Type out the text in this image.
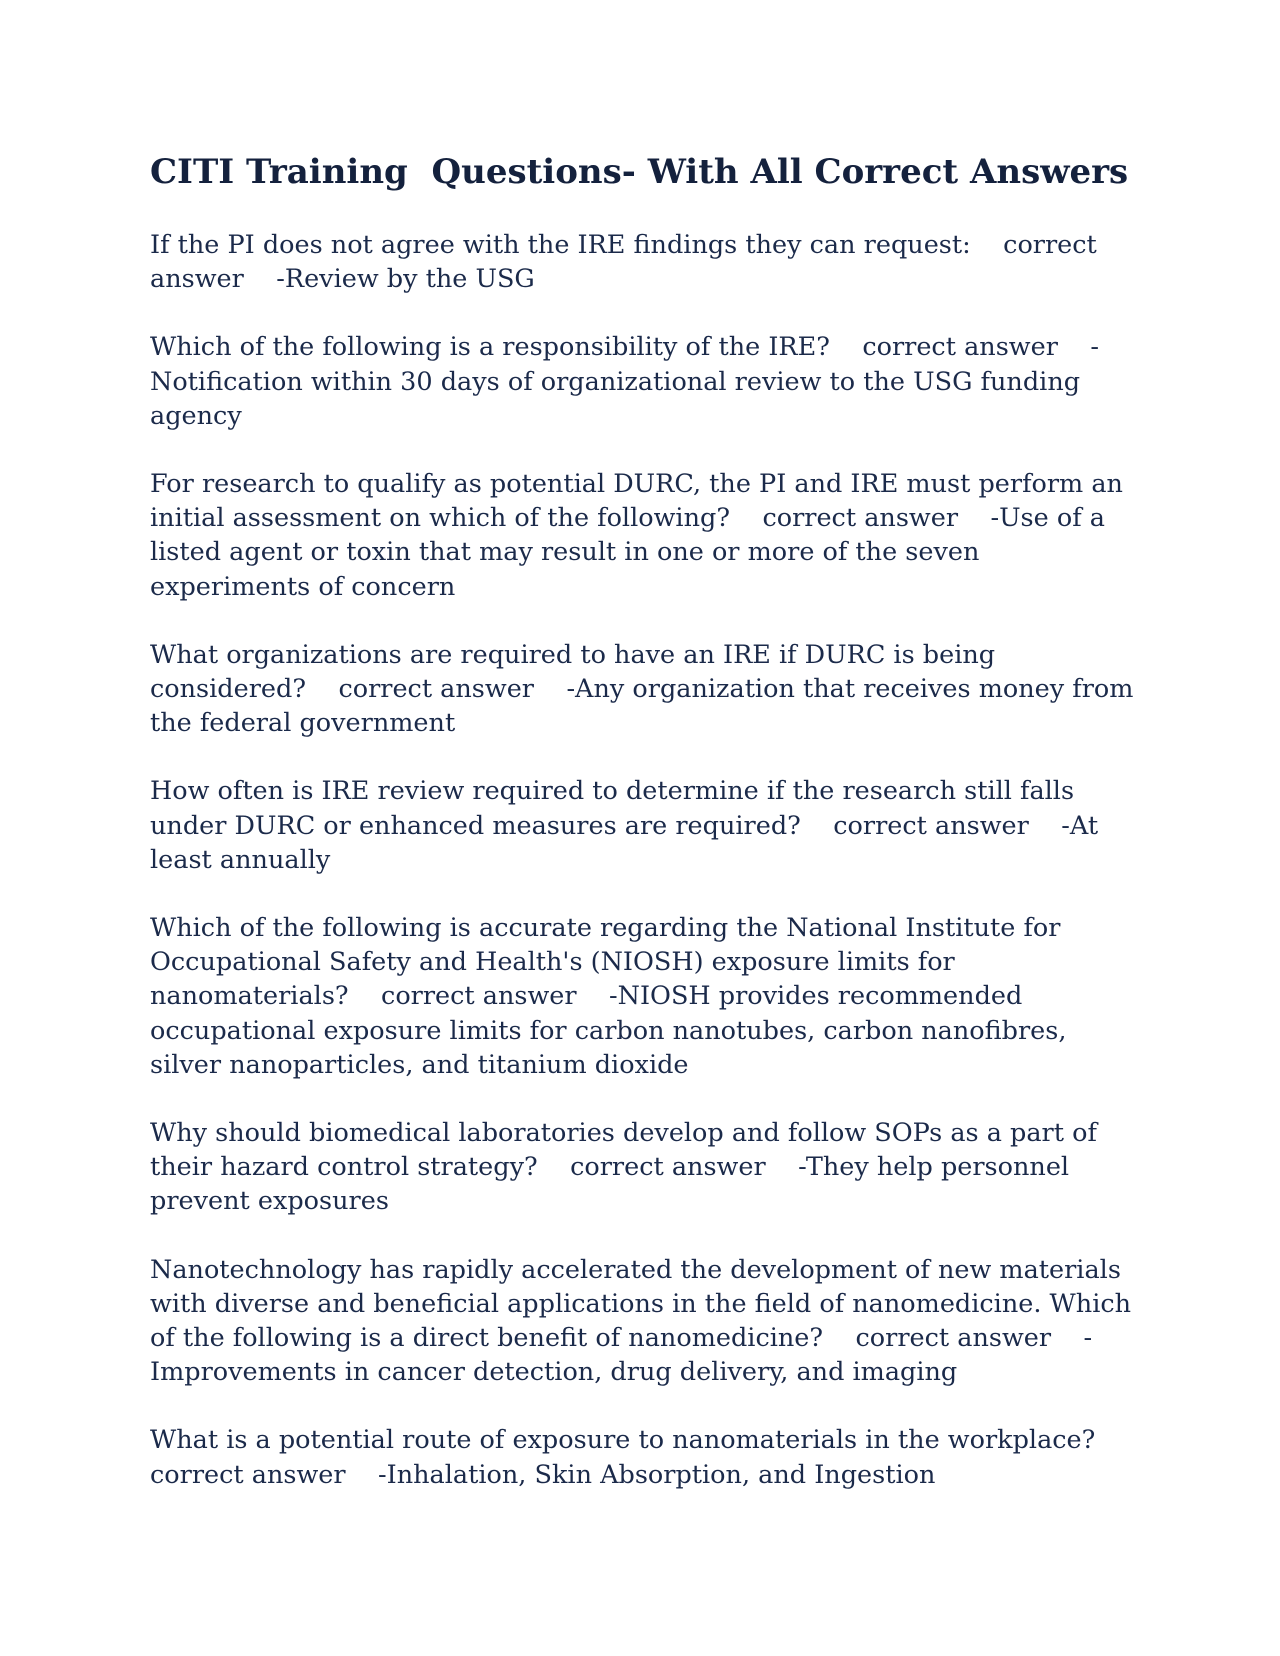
CITI Training  Questions- With All Correct Answers

If the PI does not agree with the IRE findings they can request: correct answer -Review by the USG

Which of the following is a responsibility of the IRE? correct answer -Notification within 30 days of organizational review to the USG funding agency

For research to qualify as potential DURC, the PI and IRE must perform an initial assessment on which of the following? correct answer -Use of a listed agent or toxin that may result in one or more of the seven experiments of concern

What organizations are required to have an IRE if DURC is being considered? correct answer -Any organization that receives money from the federal government

How often is IRE review required to determine if the research still falls under DURC or enhanced measures are required? correct answer -At least annually

Which of the following is accurate regarding the National Institute for Occupational Safety and Health's (NIOSH) exposure limits for nanomaterials? correct answer -NIOSH provides recommended occupational exposure limits for carbon nanotubes, carbon nanofibres, silver nanoparticles, and titanium dioxide

Why should biomedical laboratories develop and follow SOPs as a part of their hazard control strategy? correct answer -They help personnel prevent exposures

Nanotechnology has rapidly accelerated the development of new materials with diverse and beneficial applications in the field of nanomedicine. Which of the following is a direct benefit of nanomedicine? correct answer -Improvements in cancer detection, drug delivery, and imaging

What is a potential route of exposure to nanomaterials in the workplace?    correct answer -Inhalation, Skin Absorption, and Ingestion
